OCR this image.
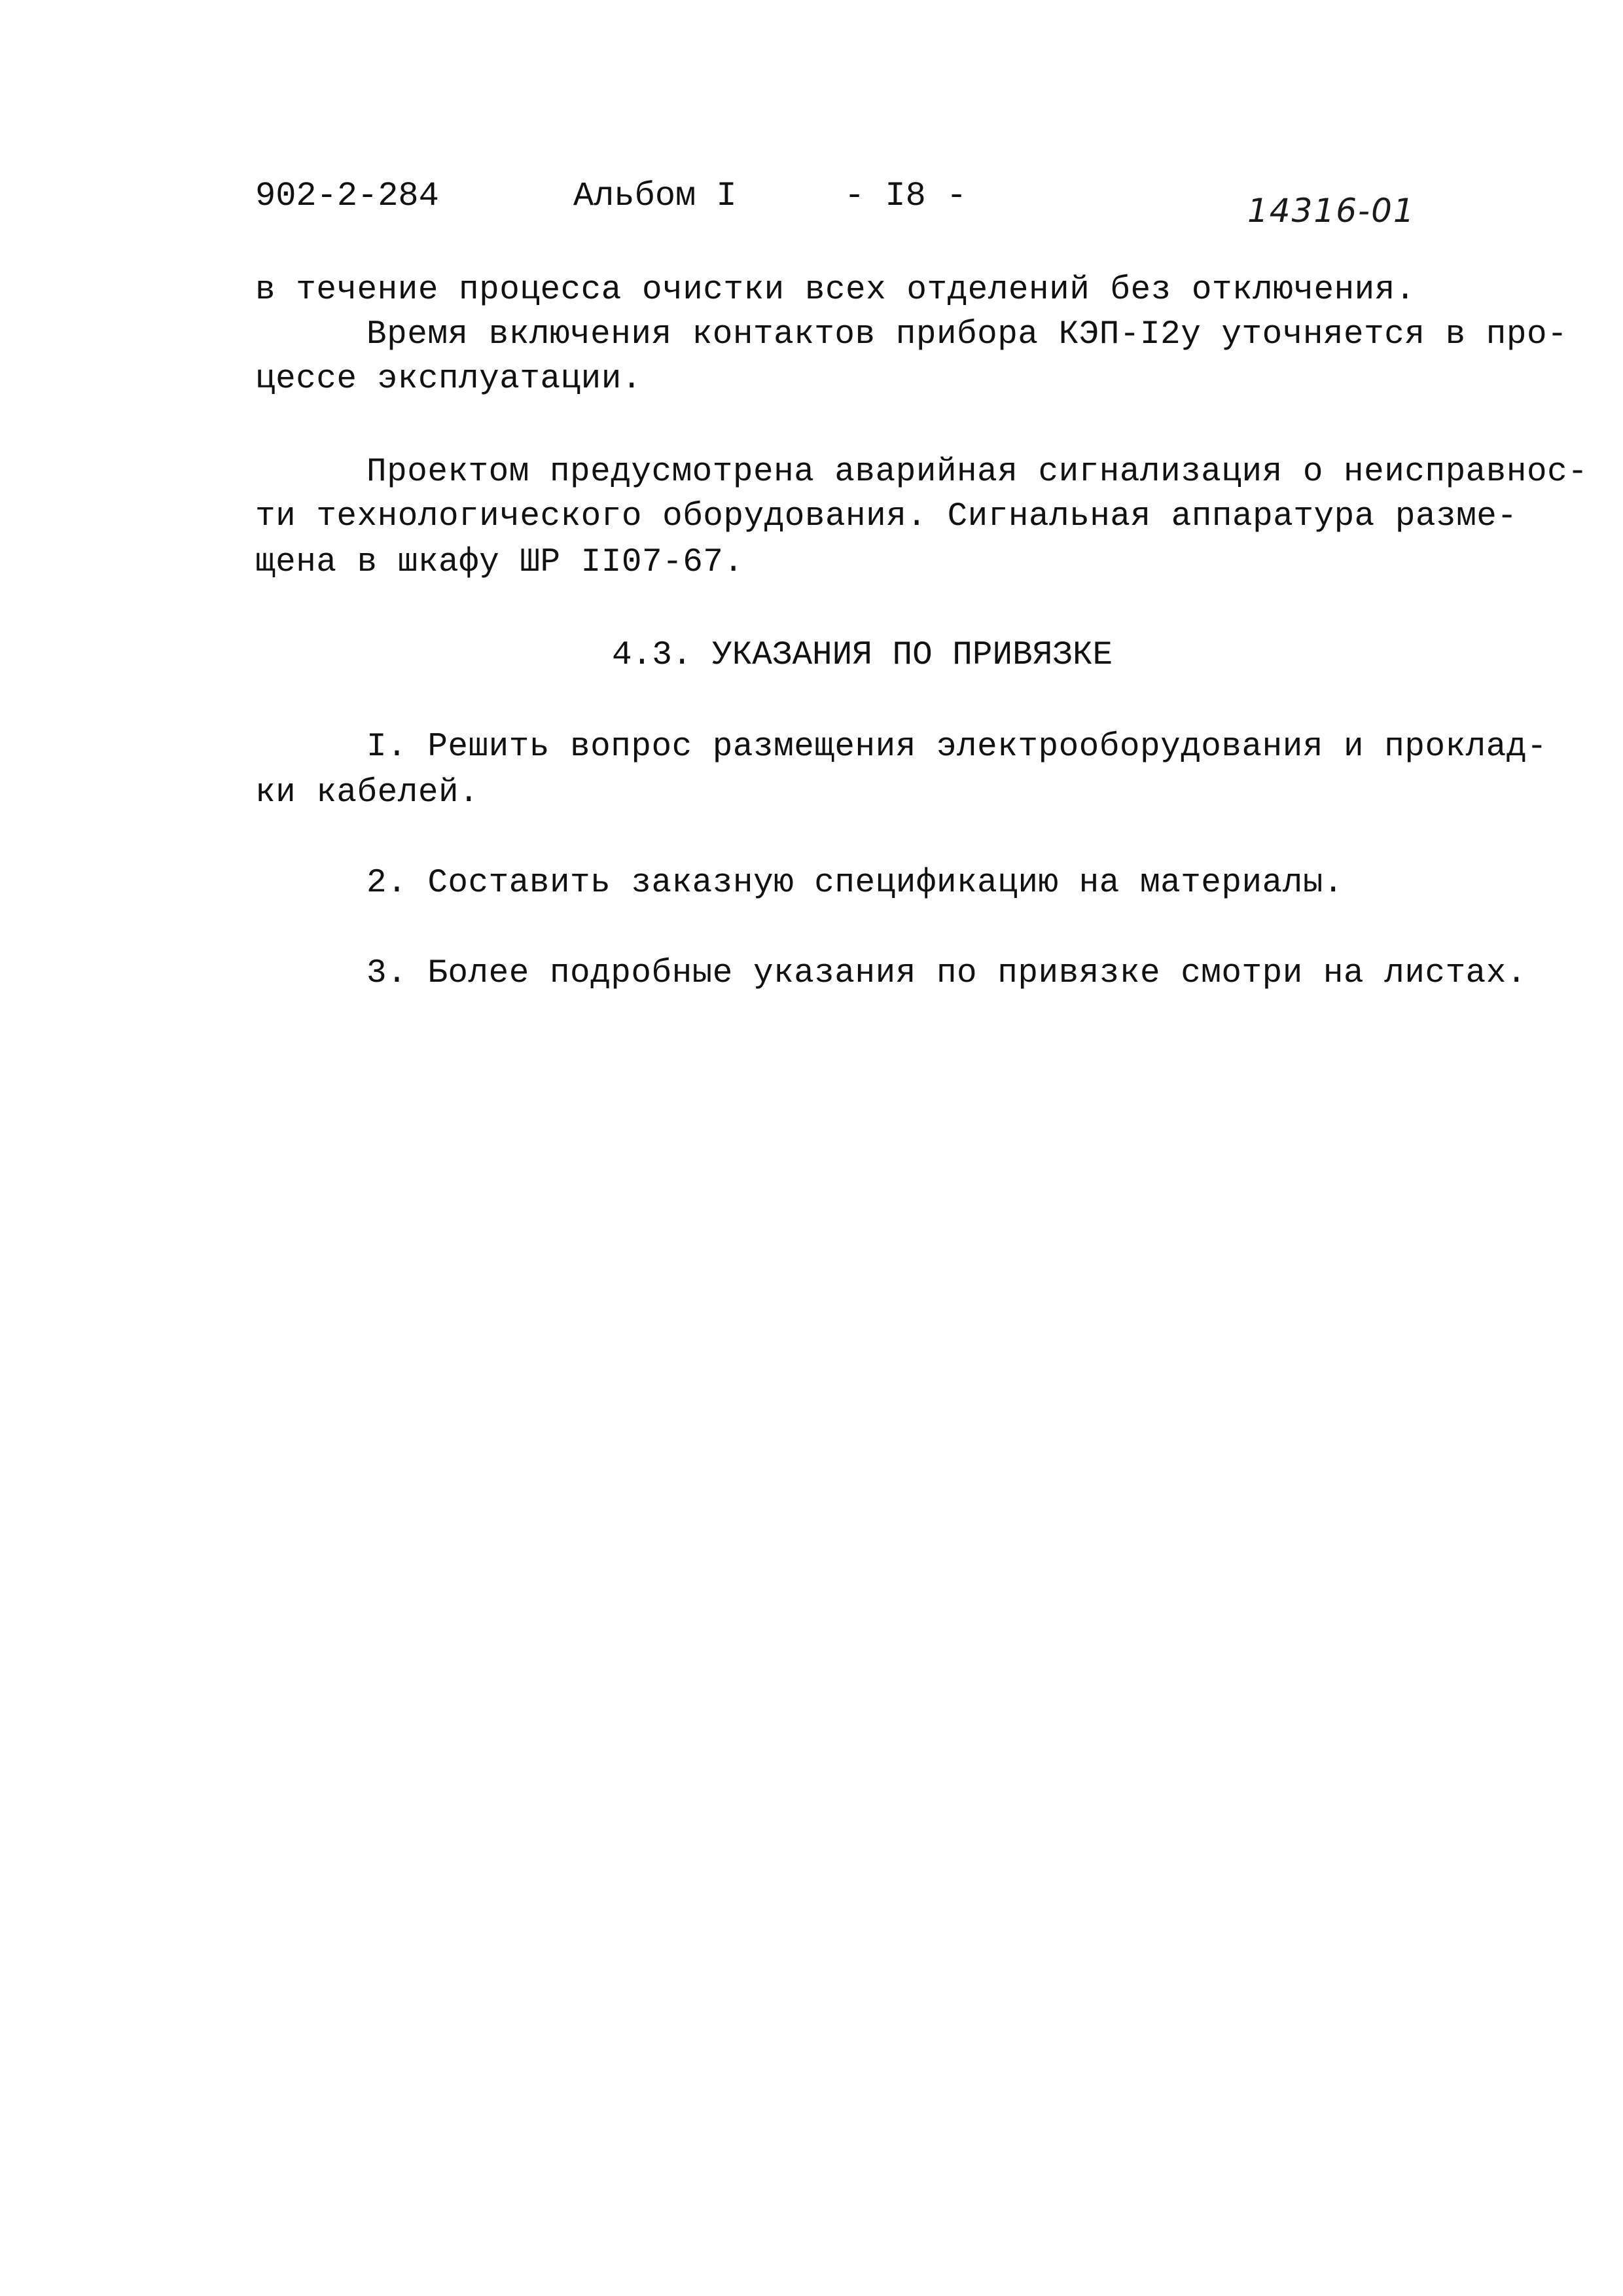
902-2-284	Альбом I	- I8 -	14316-01
в течение процесса очистки всех отделений без отключения.
Время включения контактов прибора КЭП-I2у уточняется в про-
цессе эксплуатации.
Проектом предусмотрена аварийная сигнализация о неисправнос-
ти технологического оборудования. Сигнальная аппаратура разме-
щена в шкафу ШР II07-67.
4.3. УКАЗАНИЯ ПО ПРИВЯЗКЕ
I. Решить вопрос размещения электрооборудования и проклад-
ки кабелей.
2. Составить заказную спецификацию на материалы.
3. Более подробные указания по привязке смотри на листах.
